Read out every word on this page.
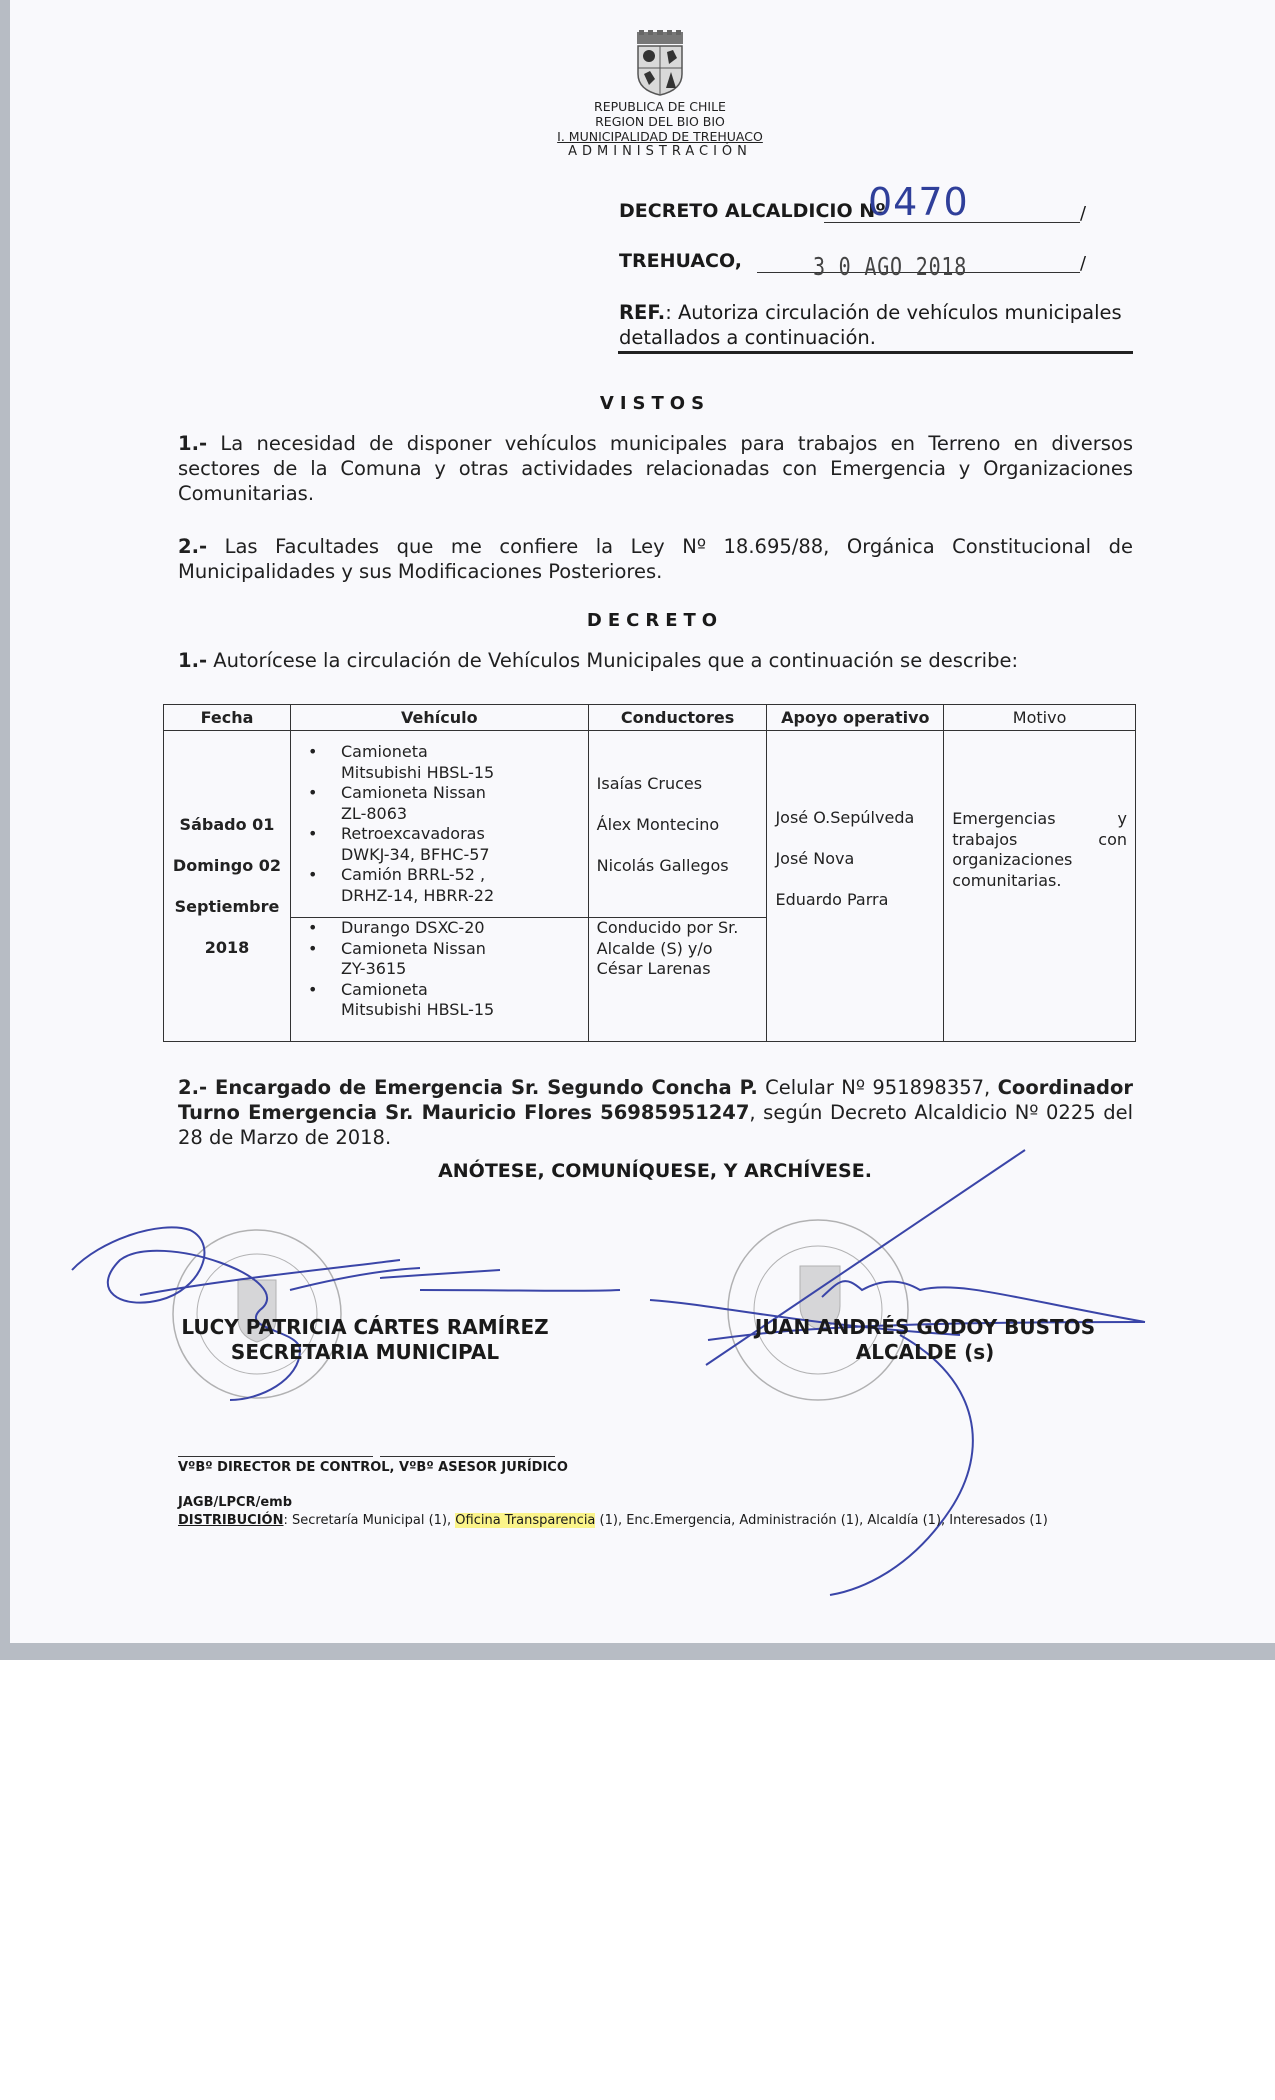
REPUBLICA DE CHILE
REGION DEL BIO BIO
I. MUNICIPALIDAD DE TREHUACO
ADMINISTRACIÓN
DECRETO ALCALDICIO Nº	/
0470
TREHUACO,	3 0 AGO 2018	/
REF.: Autoriza circulación de vehículos municipales detallados a continuación.
VISTOS
1.- La necesidad de disponer vehículos municipales para trabajos en Terreno en diversos sectores de la Comuna y otras actividades relacionadas con Emergencia y Organizaciones Comunitarias.
2.- Las Facultades que me confiere la Ley Nº 18.695/88, Orgánica Constitucional de Municipalidades y sus Modificaciones Posteriores.
DECRETO
1.- Autorícese la circulación de Vehículos Municipales que a continuación se describe:
Fecha	Vehículo	Conductores	Apoyo operativo	Motivo

Sábado 01
Domingo 02
Septiembre
2018

• Camioneta Mitsubishi HBSL-15
• Camioneta Nissan ZL-8063
• Retroexcavadoras DWKJ-34, BFHC-57
• Camión BRRL-52 , DRHZ-14, HBRR-22

Isaías Cruces
Álex Montecino
Nicolás Gallegos

José O.Sepúlveda
José Nova
Eduardo Parra

Emergencias	y
trabajos	con
organizaciones
comunitarias.

• Durango DSXC-20
• Camioneta Nissan ZY-3615
• Camioneta Mitsubishi HBSL-15
	Conducido por Sr. Alcalde (S) y/o César Larenas
2.- Encargado de Emergencia Sr. Segundo Concha P. Celular Nº 951898357, Coordinador Turno Emergencia Sr. Mauricio Flores 56985951247, según Decreto Alcaldicio Nº 0225 del 28 de Marzo de 2018.
ANÓTESE, COMUNÍQUESE, Y ARCHÍVESE.
LUCY PATRICIA CÁRTES RAMÍREZ
SECRETARIA MUNICIPAL
JUAN ANDRÉS GODOY BUSTOS
ALCALDE (s)
VºBº DIRECTOR DE CONTROL, VºBº ASESOR JURÍDICO
JAGB/LPCR/emb
DISTRIBUCIÓN: Secretaría Municipal (1), Oficina Transparencia (1), Enc.Emergencia, Administración (1), Alcaldía (1), Interesados (1)
